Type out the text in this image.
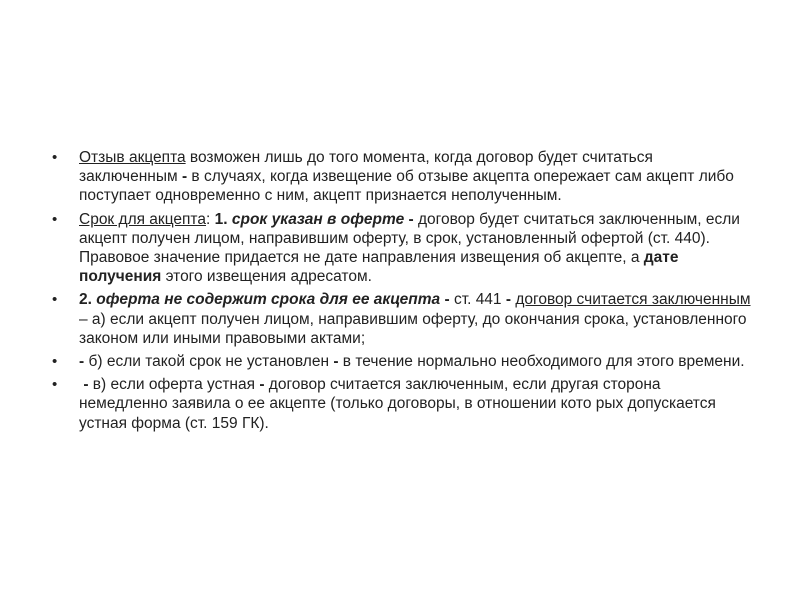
•	Отзыв акцепта возможен лишь до того момента, когда договор будет считаться заключенным - в случаях, когда извещение об отзыве акцепта опережает сам акцепт либо поступает одновременно с ним, акцепт признается неполученным.
•	Срок для акцепта: 1. срок указан в оферте - договор будет считаться заключенным, если акцепт получен лицом, направившим оферту, в срок, установленный офертой (ст. 440). Правовое значение придается не дате направления извещения об акцепте, а дате получения этого извещения адресатом.
•	2. оферта не содержит срока для ее акцепта - ст. 441 - договор считается заключенным – а) если акцепт получен лицом, направившим оферту, до окончания срока, установленного законом или иными правовыми актами;
•	- б) если такой срок не установлен - в течение нормально необходимого для этого времени.
•	- в) если оферта устная - договор считается заключенным, если другая сторона немедленно заявила о ее акцепте (только договоры, в отношении кото рых допускается устная форма (ст. 159 ГК).
